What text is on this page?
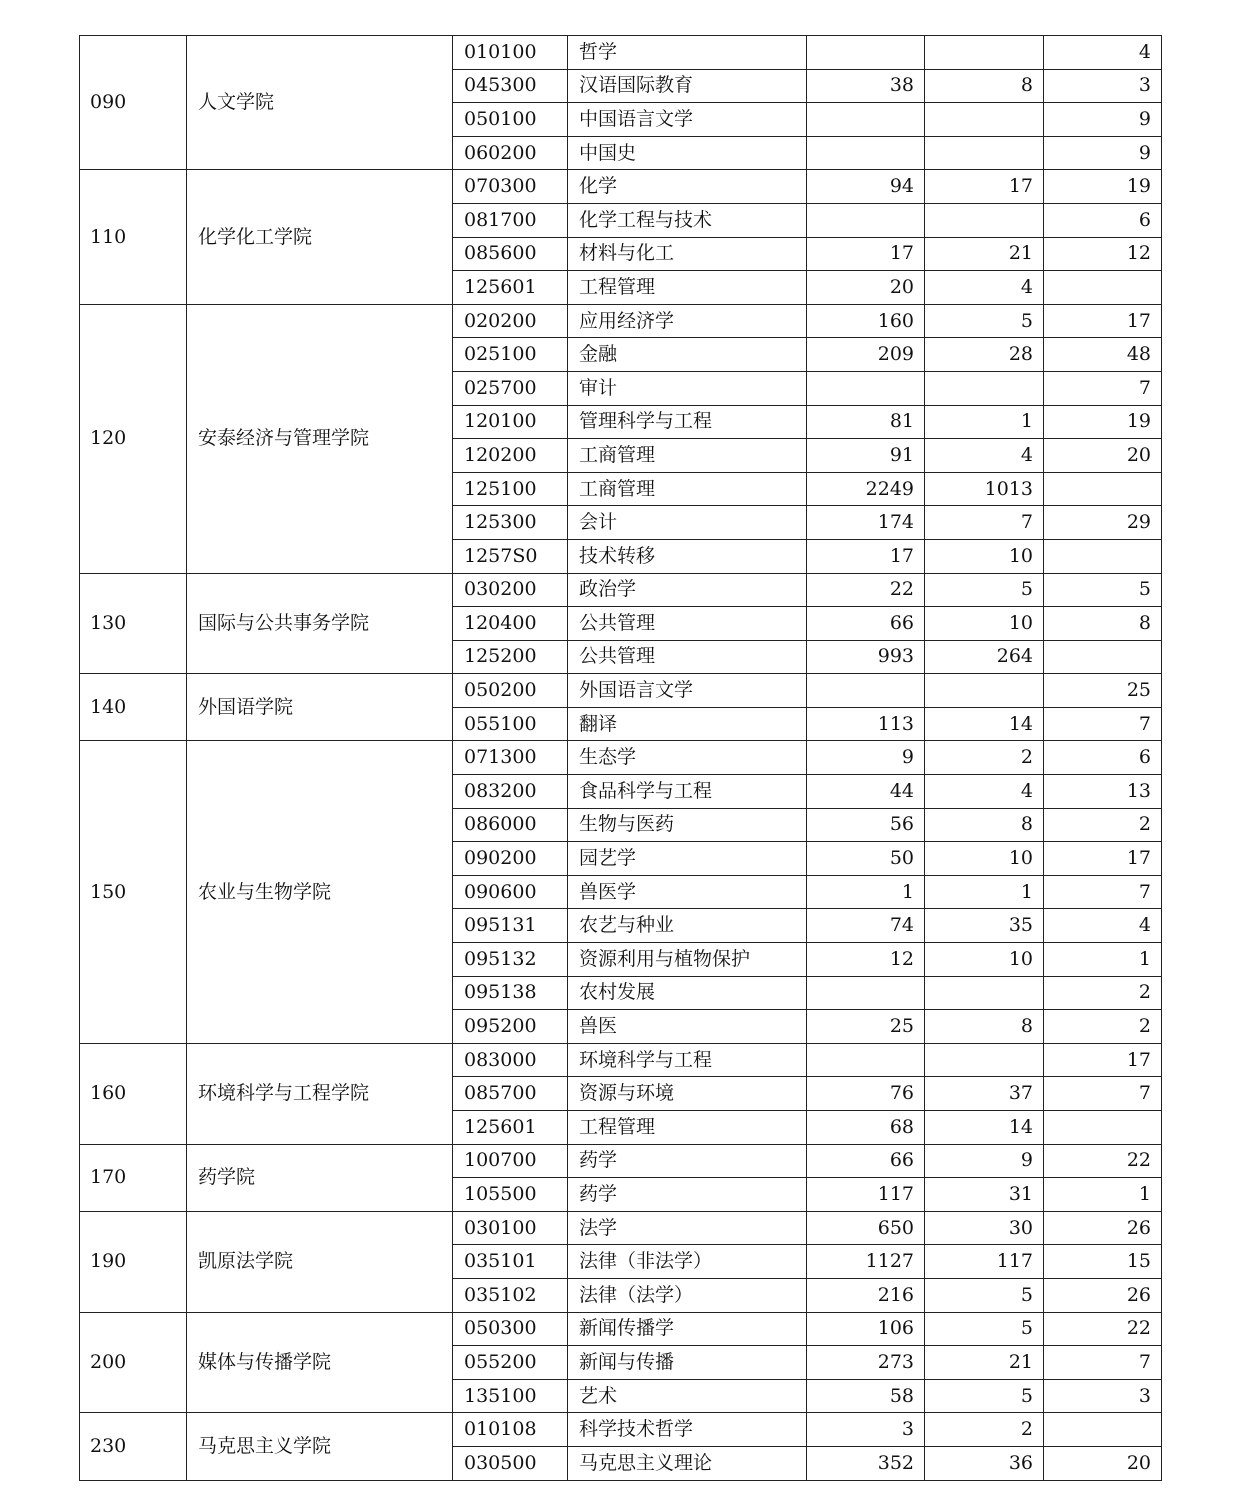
090	人文学院	010100	哲学			4
		045300	汉语国际教育	38	8	3
		050100	中国语言文学			9
		060200	中国史			9
110	化学化工学院	070300	化学	94	17	19
		081700	化学工程与技术			6
		085600	材料与化工	17	21	12
		125601	工程管理	20	4	
120	安泰经济与管理学院	020200	应用经济学	160	5	17
		025100	金融	209	28	48
		025700	审计			7
		120100	管理科学与工程	81	1	19
		120200	工商管理	91	4	20
		125100	工商管理	2249	1013	
		125300	会计	174	7	29
		1257S0	技术转移	17	10	
130	国际与公共事务学院	030200	政治学	22	5	5
		120400	公共管理	66	10	8
		125200	公共管理	993	264	
140	外国语学院	050200	外国语言文学			25
		055100	翻译	113	14	7
150	农业与生物学院	071300	生态学	9	2	6
		083200	食品科学与工程	44	4	13
		086000	生物与医药	56	8	2
		090200	园艺学	50	10	17
		090600	兽医学	1	1	7
		095131	农艺与种业	74	35	4
		095132	资源利用与植物保护	12	10	1
		095138	农村发展			2
		095200	兽医	25	8	2
160	环境科学与工程学院	083000	环境科学与工程			17
		085700	资源与环境	76	37	7
		125601	工程管理	68	14	
170	药学院	100700	药学	66	9	22
		105500	药学	117	31	1
190	凯原法学院	030100	法学	650	30	26
		035101	法律（非法学）	1127	117	15
		035102	法律（法学）	216	5	26
200	媒体与传播学院	050300	新闻传播学	106	5	22
		055200	新闻与传播	273	21	7
		135100	艺术	58	5	3
230	马克思主义学院	010108	科学技术哲学	3	2	
		030500	马克思主义理论	352	36	20
